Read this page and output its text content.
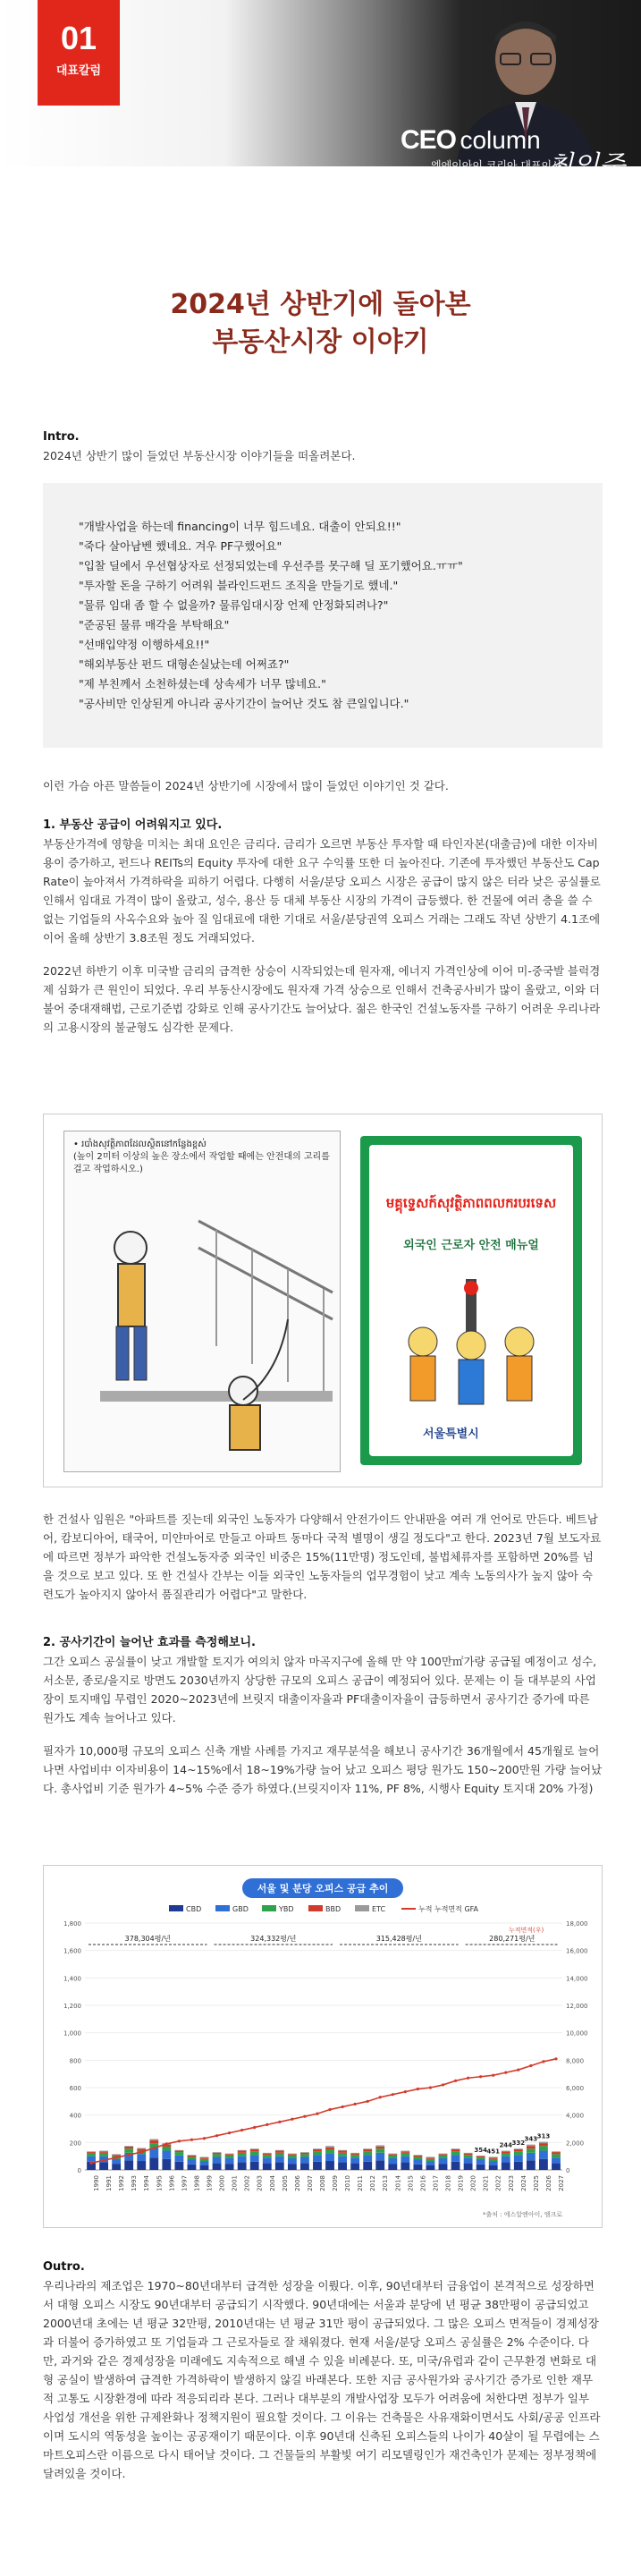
01
대표칼럼
CEO column
엔에이아이 코리아 대표이사
최인준
2024년 상반기에 돌아본
부동산시장 이야기
Intro.
2024년 상반기 많이 들었던 부동산시장 이야기들을 떠올려본다.
"개발사업을 하는데 financing이 너무 힘드네요. 대출이 안되요!!"
"죽다 살아남벤 했네요. 겨우 PF구했어요"
"입찰 딜에서 우선협상자로 선정되었는데 우선주를 못구해 딜 포기했어요.ㅠㅠ"
"투자할 돈을 구하기 어려워 블라인드펀드 조직을 만들기로 했네."
"물류 임대 좀 할 수 없을까? 물류임대시장 언제 안정화되려나?"
"준공된 물류 매각을 부탁해요"
"선매입약정 이행하세요!!"
"해외부동산 펀드 대형손실났는데 어쩌죠?"
"제 부친께서 소천하셨는데 상속세가 너무 많네요."
"공사비만 인상된게 아니라 공사기간이 늘어난 것도 참 큰일입니다."
이런 가슴 아픈 말씀들이 2024년 상반기에 시장에서 많이 들었던 이야기인 것 같다.
1. 부동산 공급이 어려워지고 있다.
부동산가격에 영향을 미치는 최대 요인은 금리다. 금리가 오르면 부동산 투자할 때 타인자본(대출금)에 대한 이자비용이 증가하고, 펀드나 REITs의 Equity 투자에 대한 요구 수익률 또한 더 높아진다. 기존에 투자했던 부동산도 Cap Rate이 높아져서 가격하락을 피하기 어렵다. 다행히 서울/분당 오피스 시장은 공급이 많지 않은 터라 낮은 공실률로 인해서 임대료 가격이 많이 올랐고, 성수, 용산 등 대체 부동산 시장의 가격이 급등했다. 한 건물에 여러 층을 쓸 수 없는 기업들의 사옥수요와 높아 질 임대료에 대한 기대로 서울/분당권역 오피스 거래는 그래도 작년 상반기 4.1조에 이어 올해 상반기 3.8조원 정도 거래되었다.
2022년 하반기 이후 미국발 금리의 급격한 상승이 시작되었는데 원자재, 에너지 가격인상에 이어 미-중국발 블럭경제 심화가 큰 원인이 되었다. 우리 부동산시장에도 원자재 가격 상승으로 인해서 건축공사비가 많이 올랐고, 이와 더불어 중대재해법, 근로기준법 강화로 인해 공사기간도 늘어났다. 젊은 한국인 건설노동자를 구하기 어려운 우리나라의 고용시장의 불균형도 심각한 문제다.
• រ​បាំង​សុវត្ថិភាព​ដែល​ស្ថិត​នៅ​កន្លែង​ខ្ពស់
(높이 2미터 이상의 높은 장소에서 작업할 때에는 안전대의 고리를 걸고 작업하시오.)
មគ្គុទ្ទេសក៍​សុវត្ថិភាព​ពលករ​បរទេស
외국인 근로자 안전 매뉴얼
서울특별시
한 건설사 임원은 "아파트를 짓는데 외국인 노동자가 다양해서 안전가이드 안내판을 여러 개 언어로 만든다. 베트남어, 캄보디아어, 태국어, 미얀마어로 만들고 아파트 동마다 국적 별명이 생길 정도다"고 한다. 2023년 7월 보도자료에 따르면 정부가 파악한 건설노동자중 외국인 비중은 15%(11만명) 정도인데, 불법체류자를 포함하면 20%를 넘을 것으로 보고 있다. 또 한 건설사 간부는 이들 외국인 노동자들의 업무경험이 낮고 계속 노동의사가 높지 않아 숙련도가 높아지지 않아서 품질관리가 어렵다"고 말한다.
2. 공사기간이 늘어난 효과를 측정해보니.
그간 오피스 공실률이 낮고 개발할 토지가 여의치 않자 마곡지구에 올해 만 약 100만㎡가량 공급될 예정이고 성수, 서소문, 종로/을지로 방면도 2030년까지 상당한 규모의 오피스 공급이 예정되어 있다. 문제는 이 들 대부분의 사업장이 토지매입 무렵인 2020~2023년에 브릿지 대출이자율과 PF대출이자율이 급등하면서 공사기간 증가에 따른 원가도 계속 늘어나고 있다.
필자가 10,000평 규모의 오피스 신축 개발 사례를 가지고 재무분석을 해보니 공사기간 36개월에서 45개월로 늘어나면 사업비中 이자비용이 14~15%에서 18~19%가량 늘어 났고 오피스 평당 원가도 150~200만원 가량 늘어났다. 총사업비 기준 원가가 4~5% 수준 증가 하였다.(브릿지이자 11%, PF 8%, 시행사 Equity 토지대 20% 가정)
서울 및 분당 오피스 공급 추이
CBD	GBD	YBD	BBD	ETC	누적 누적면적 GFA
0
200
400
600
800
1,000
1,200
1,400
1,600
1,800
0
2,000
4,000
6,000
8,000
10,000
12,000
14,000
16,000
18,000
1990 1991 1992 1993 1994 1995 1996 1997 1998 1999 2000 2001 2002 2003 2004 2005 2006 2007 2008 2009 2010 2011 2012 2013 2014 2015 2016 2017 2018 2019 2020 2021 2022 2023 2024 2025 2026 2027
378,304평/년	324,332평/년	315,428평/년	280,271평/년
354 451
244 332
343 313
누적면적(우)
*출처 : 에스알엔아이, 엠크로
Outro.
우리나라의 제조업은 1970~80년대부터 급격한 성장을 이뤘다. 이후, 90년대부터 금융업이 본격적으로 성장하면서 대형 오피스 시장도 90년대부터 공급되기 시작했다. 90년대에는 서울과 분당에 년 평균 38만평이 공급되었고 2000년대 초에는 년 평균 32만평, 2010년대는 년 평균 31만 평이 공급되었다. 그 많은 오피스 면적들이 경제성장과 더불어 증가하였고 또 기업들과 그 근로자들로 잘 채워졌다. 현재 서울/분당 오피스 공실률은 2% 수준이다. 다만, 과거와 같은 경제성장을 미래에도 지속적으로 해낼 수 있을 비례분다. 또, 미국/유럽과 같이 근무환경 변화로 대형 공실이 발생하여 급격한 가격하락이 발생하지 않길 바래본다. 또한 지금 공사원가와 공사기간 증가로 인한 재무적 고통도 시장환경에 따라 적응되리라 본다. 그러나 대부분의 개발사업장 모두가 어려움에 처한다면 정부가 일부 사업성 개선을 위한 규제완화나 정책지원이 필요할 것이다. 그 이유는 건축물은 사유재화이면서도 사회/공공 인프라이며 도시의 역동성을 높이는 공공재이기 때문이다. 이후 90년대 신축된 오피스들의 나이가 40살이 될 무렵에는 스마트오피스란 이름으로 다시 태어날 것이다. 그 건물들의 부활빛 여기 리모델링인가 재건축인가 문제는 정부정책에 달려있을 것이다.
